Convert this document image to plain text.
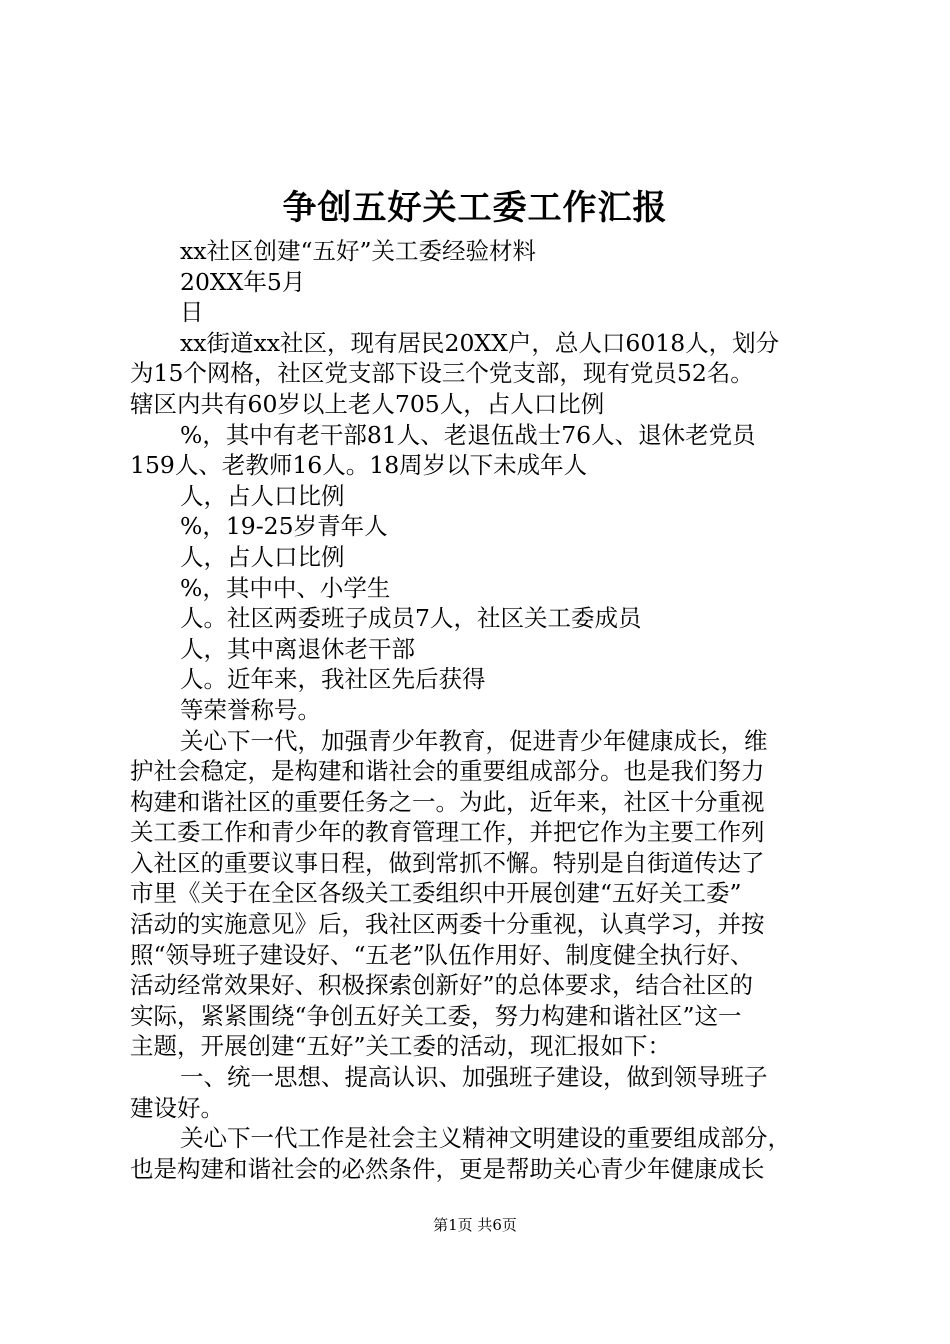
争创五好关工委工作汇报
xx社区创建“五好”关工委经验材料
20XX年5月
日
xx街道xx社区，现有居民20XX户，总人口6018人，划分
为15个网格，社区党支部下设三个党支部，现有党员52名。
辖区内共有60岁以上老人705人，占人口比例
%，其中有老干部81人、老退伍战士76人、退休老党员
159人、老教师16人。18周岁以下未成年人
人，占人口比例
%，19-25岁青年人
人，占人口比例
%，其中中、小学生
人。社区两委班子成员7人，社区关工委成员
人，其中离退休老干部
人。近年来，我社区先后获得
等荣誉称号。
关心下一代，加强青少年教育，促进青少年健康成长，维
护社会稳定，是构建和谐社会的重要组成部分。也是我们努力
构建和谐社区的重要任务之一。为此，近年来，社区十分重视
关工委工作和青少年的教育管理工作，并把它作为主要工作列
入社区的重要议事日程，做到常抓不懈。特别是自街道传达了
市里《关于在全区各级关工委组织中开展创建“五好关工委”
活动的实施意见》后，我社区两委十分重视，认真学习，并按
照“领导班子建设好、“五老”队伍作用好、制度健全执行好、
活动经常效果好、积极探索创新好”的总体要求，结合社区的
实际，紧紧围绕“争创五好关工委，努力构建和谐社区”这一
主题，开展创建“五好”关工委的活动，现汇报如下：
一、统一思想、提高认识、加强班子建设，做到领导班子
建设好。
关心下一代工作是社会主义精神文明建设的重要组成部分，
也是构建和谐社会的必然条件，更是帮助关心青少年健康成长
第1页 共6页
